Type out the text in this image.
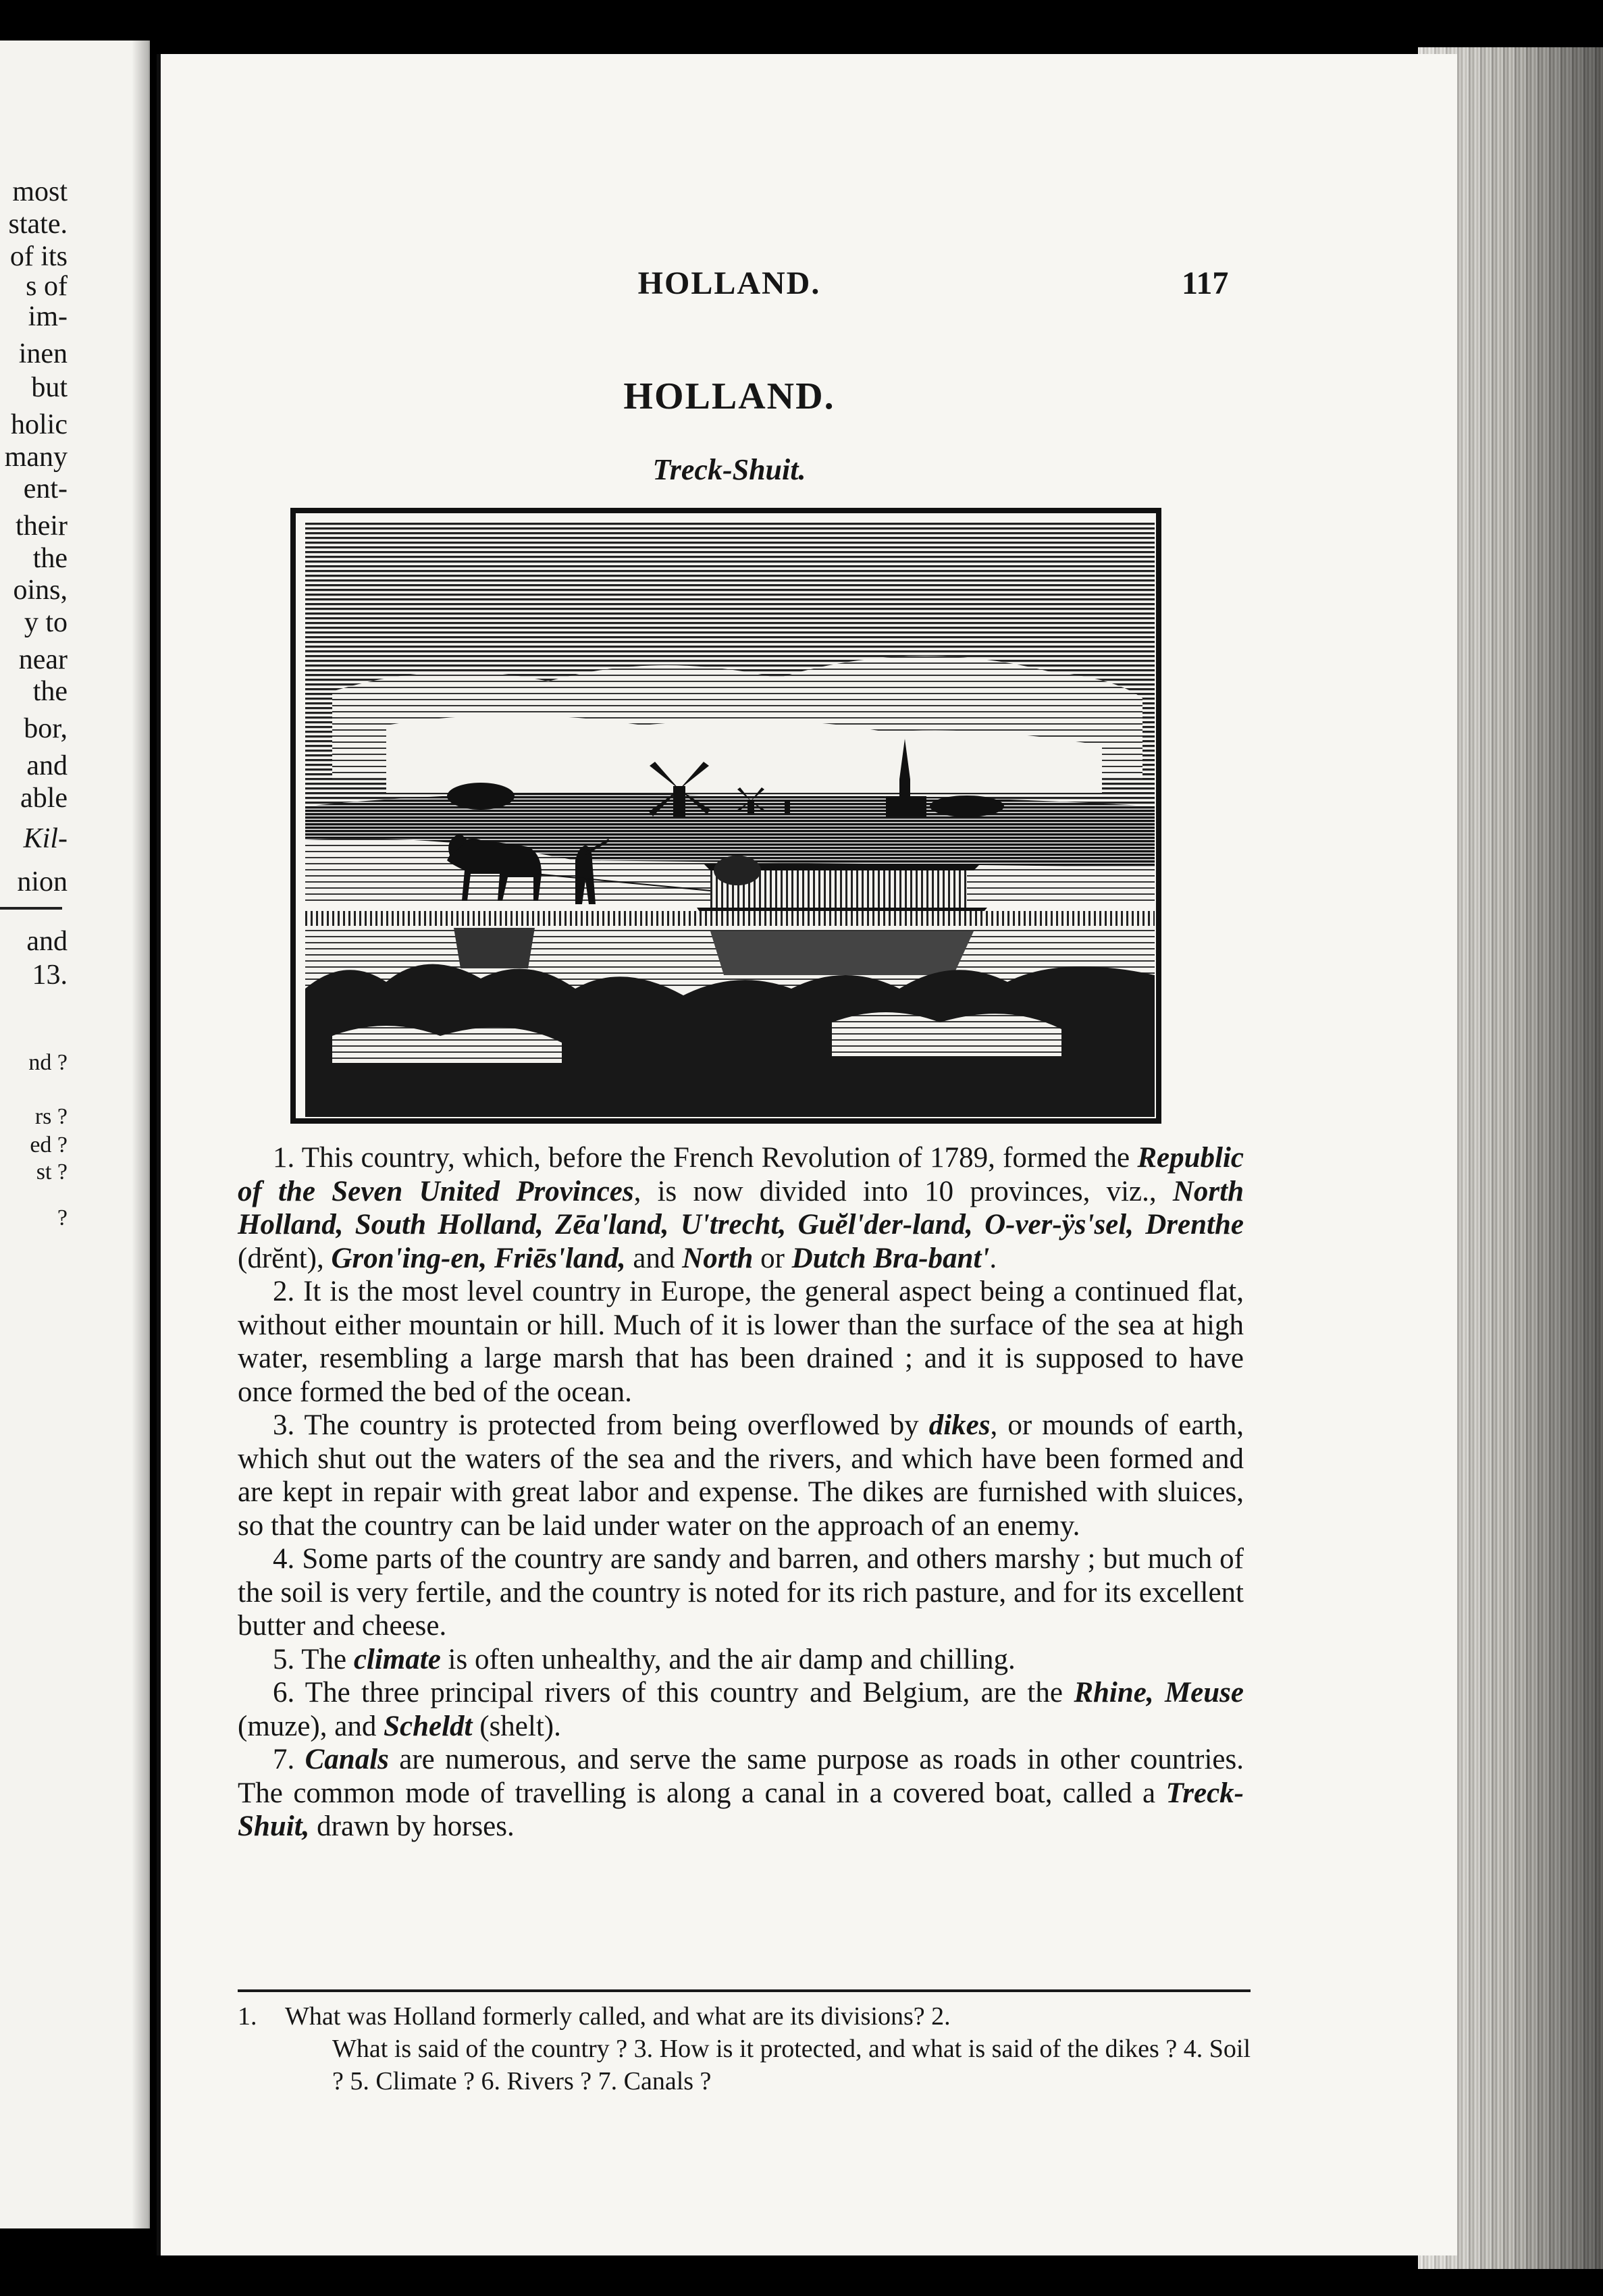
most
state.
of its
s of
im-
inen
but
holic
many
ent-
their
the
oins,
y to
near
the
bor,
and
able
Kil-
nion
and
13.
nd ?
rs ?
ed ?
st ?
?
HOLLAND.	117
HOLLAND.
Treck-Shuit.

1. This country, which, before the French Revolution of 1789, formed the Republic of the Seven United Provinces, is now divided into 10 provinces, viz., North Holland, South Holland, Zēa'land, U'trecht, Guĕl'der-land, O-ver-ÿs'sel, Drenthe (drĕnt), Gron'ing-en, Friēs'land, and North or Dutch Bra-bant'.

2. It is the most level country in Europe, the general aspect being a continued flat, without either mountain or hill. Much of it is lower than the surface of the sea at high water, resembling a large marsh that has been drained ; and it is supposed to have once formed the bed of the ocean.

3. The country is protected from being overflowed by dikes, or mounds of earth, which shut out the waters of the sea and the rivers, and which have been formed and are kept in repair with great labor and expense. The dikes are furnished with sluices, so that the country can be laid under water on the approach of an enemy.

4. Some parts of the country are sandy and barren, and others marshy ; but much of the soil is very fertile, and the country is noted for its rich pasture, and for its excellent butter and cheese.

5. The climate is often unhealthy, and the air damp and chilling.

6. The three principal rivers of this country and Belgium, are the Rhine, Meuse (muze), and Scheldt (shelt).

7. Canals are numerous, and serve the same purpose as roads in other countries. The common mode of travelling is along a canal in a covered boat, called a Treck-Shuit, drawn by horses.

1. What was Holland formerly called, and what are its divisions? 2.
What is said of the country ? 3. How is it protected, and what is said of the dikes ? 4. Soil ? 5. Climate ? 6. Rivers ? 7. Canals ?
